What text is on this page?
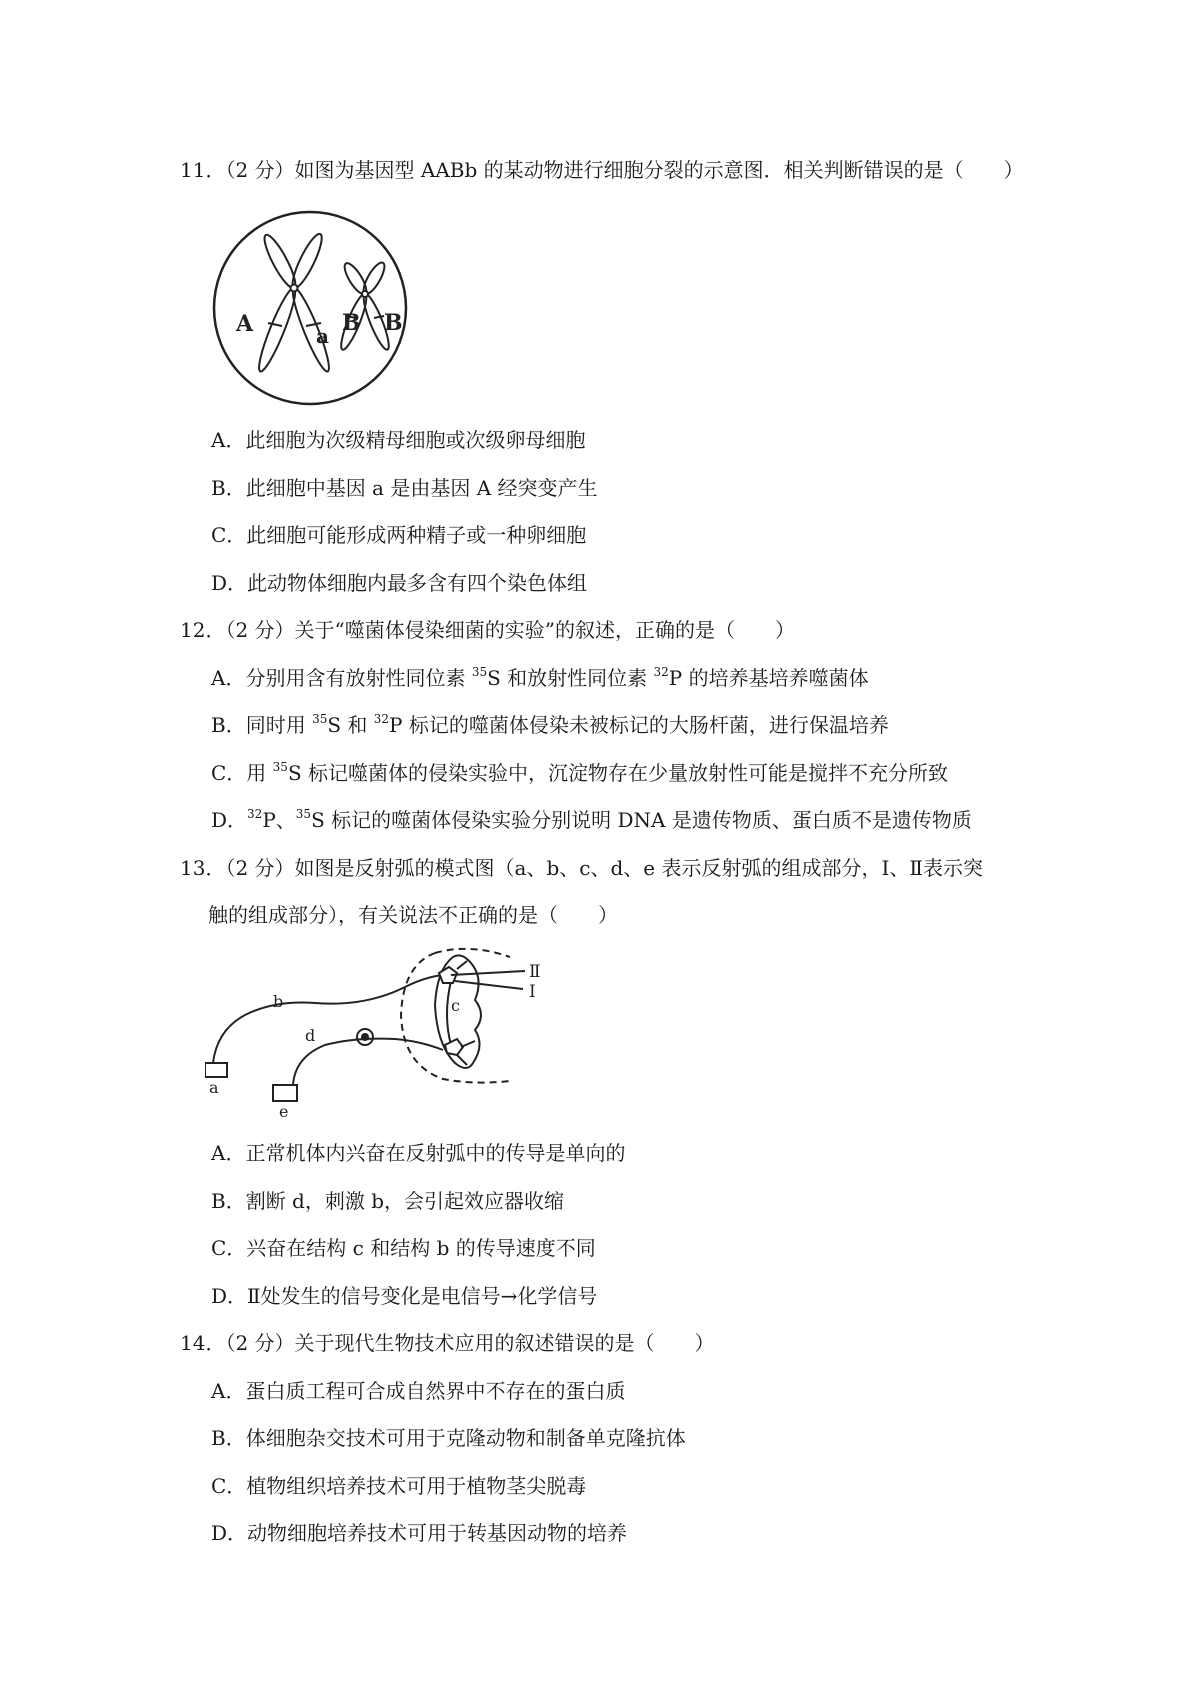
11．（2 分）如图为基因型 AABb 的某动物进行细胞分裂的示意图．相关判断错误的是（　　）
A	a B B
A．此细胞为次级精母细胞或次级卵母细胞
B．此细胞中基因 a 是由基因 A 经突变产生
C．此细胞可能形成两种精子或一种卵细胞
D．此动物体细胞内最多含有四个染色体组
12．（2 分）关于“噬菌体侵染细菌的实验”的叙述，正确的是（　　）
A．分别用含有放射性同位素 $^{35}$S 和放射性同位素 $^{32}$P 的培养基培养噬菌体
B．同时用 $^{35}$S 和 $^{32}$P 标记的噬菌体侵染未被标记的大肠杆菌，进行保温培养
C．用 $^{35}$S 标记噬菌体的侵染实验中，沉淀物存在少量放射性可能是搅拌不充分所致
D．$^{32}$P、$^{35}$S 标记的噬菌体侵染实验分别说明 DNA 是遗传物质、蛋白质不是遗传物质
13．（2 分）如图是反射弧的模式图（a、b、c、d、e 表示反射弧的组成部分，Ⅰ、Ⅱ表示突
触的组成部分），有关说法不正确的是（　　）
b	c
d
a
e
Ⅱ
Ⅰ
A．正常机体内兴奋在反射弧中的传导是单向的
B．割断 d，刺激 b，会引起效应器收缩
C．兴奋在结构 c 和结构 b 的传导速度不同
D．Ⅱ处发生的信号变化是电信号→化学信号
14．（2 分）关于现代生物技术应用的叙述错误的是（　　）
A．蛋白质工程可合成自然界中不存在的蛋白质
B．体细胞杂交技术可用于克隆动物和制备单克隆抗体
C．植物组织培养技术可用于植物茎尖脱毒
D．动物细胞培养技术可用于转基因动物的培养
